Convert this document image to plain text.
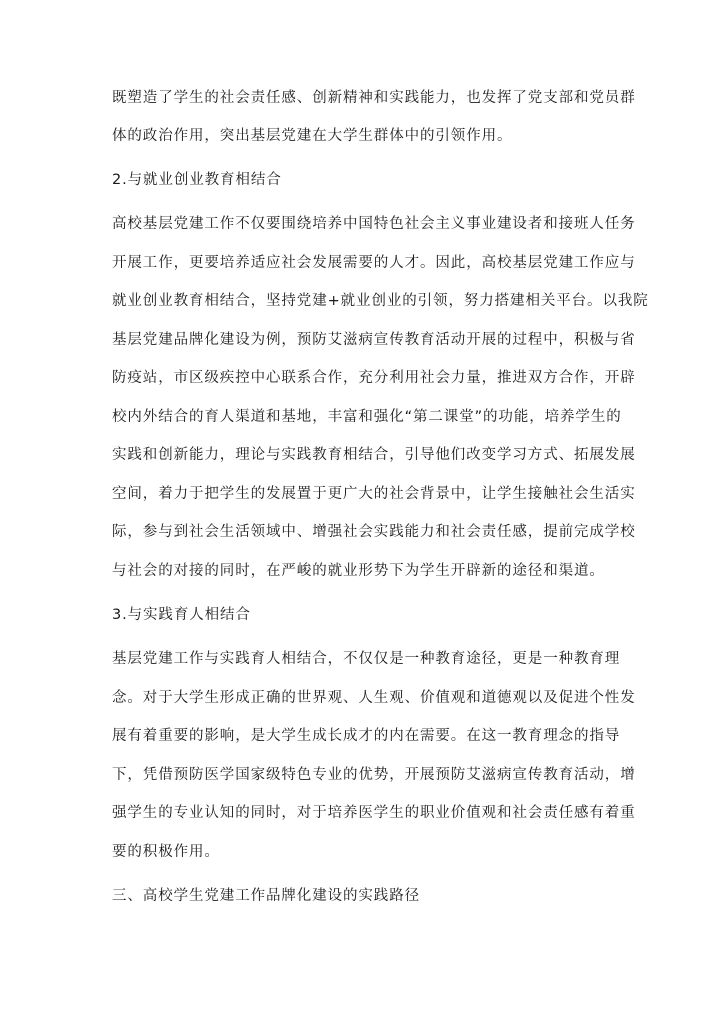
既塑造了学生的社会责任感、创新精神和实践能力，也发挥了党支部和党员群
体的政治作用，突出基层党建在大学生群体中的引领作用。
2.与就业创业教育相结合
高校基层党建工作不仅要围绕培养中国特色社会主义事业建设者和接班人任务
开展工作，更要培养适应社会发展需要的人才。因此，高校基层党建工作应与
就业创业教育相结合，坚持党建+就业创业的引领，努力搭建相关平台。以我院
基层党建品牌化建设为例，预防艾滋病宣传教育活动开展的过程中，积极与省
防疫站，市区级疾控中心联系合作，充分利用社会力量，推进双方合作，开辟
校内外结合的育人渠道和基地，丰富和强化“第二课堂”的功能，培养学生的
实践和创新能力，理论与实践教育相结合，引导他们改变学习方式、拓展发展
空间，着力于把学生的发展置于更广大的社会背景中，让学生接触社会生活实
际，参与到社会生活领域中、增强社会实践能力和社会责任感，提前完成学校
与社会的对接的同时，在严峻的就业形势下为学生开辟新的途径和渠道。
3.与实践育人相结合
基层党建工作与实践育人相结合，不仅仅是一种教育途径，更是一种教育理
念。对于大学生形成正确的世界观、人生观、价值观和道德观以及促进个性发
展有着重要的影响，是大学生成长成才的内在需要。在这一教育理念的指导
下，凭借预防医学国家级特色专业的优势，开展预防艾滋病宣传教育活动，增
强学生的专业认知的同时，对于培养医学生的职业价值观和社会责任感有着重
要的积极作用。
三、高校学生党建工作品牌化建设的实践路径
